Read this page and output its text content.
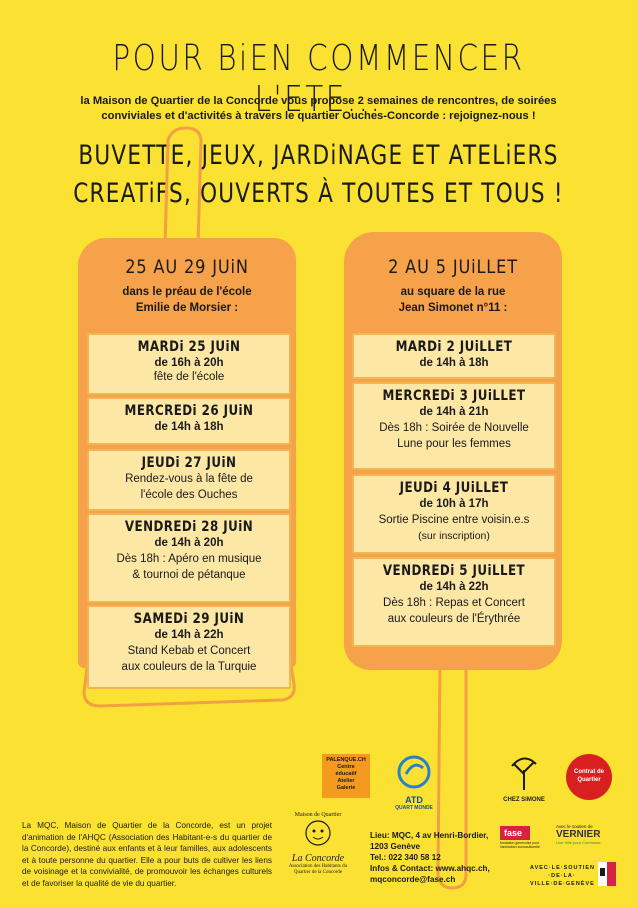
POUR BiEN COMMENCER L'ETE...
la Maison de Quartier de la Concorde vous propose 2 semaines de rencontres, de soirées
conviviales et d'activités à travers le quartier Ouches-Concorde : rejoignez-nous !
BUVETTE, JEUX, JARDiNAGE ET ATELiERS
CREATiFS, OUVERTS À TOUTES ET TOUS !
25 AU 29 JUiN
dans le préau de l'école
Emilie de Morsier :
MARDi 25 JUiN
de 16h à 20h
fête de l'école
MERCREDi 26 JUiN
de 14h à 18h
JEUDi 27 JUiN
Rendez-vous à la fête de
l'école des Ouches
VENDREDi 28 JUiN
de 14h à 20h
Dès 18h : Apéro en musique
& tournoi de pétanque
SAMEDi 29 JUiN
de 14h à 22h
Stand Kebab et Concert
aux couleurs de la Turquie
2 AU 5 JUiLLET
au square de la rue
Jean Simonet n°11 :
MARDi 2 JUiLLET
de 14h à 18h
MERCREDi 3 JUiLLET
de 14h à 21h
Dès 18h : Soirée de Nouvelle
Lune pour les femmes
JEUDi 4 JUiLLET
de 10h à 17h
Sortie Piscine entre voisin.e.s
(sur inscription)
VENDREDi 5 JUiLLET
de 14h à 22h
Dès 18h : Repas et Concert
aux couleurs de l'Érythrée
PALENQUE.CH
Centre
éducatif
Atelier
Galerie
ATD
QUART MONDE
CHEZ SiMONE
Contrat de Quartier
La MQC, Maison de Quartier de la Concorde, est un projet d'animation de l'AHQC (Association des Habitant-e-s du quartier de la Concorde), destiné aux enfants et à leur familles, aux adolescents et à toute personne du quartier. Elle a pour buts de cultiver les liens de voisinage et la convivialité, de promouvoir les échanges culturels et de favoriser la qualité de vie du quartier.
Maison de Quartier
La Concorde
Association des Habitants du Quartier de la Concorde
Lieu: MQC, 4 av Henri-Bordier,
1203 Genève
Tel.: 022 340 58 12
Infos & Contact: www.ahqc.ch,
mqconcorde@fase.ch
fase
fondation genevoise pour l'animation socioculturelle
Avec le soutien de
VERNIER
Une Ville pour Commune
AVEC·LE·SOUTIEN
·DE·LA·
VILLE·DE·GENÈVE
